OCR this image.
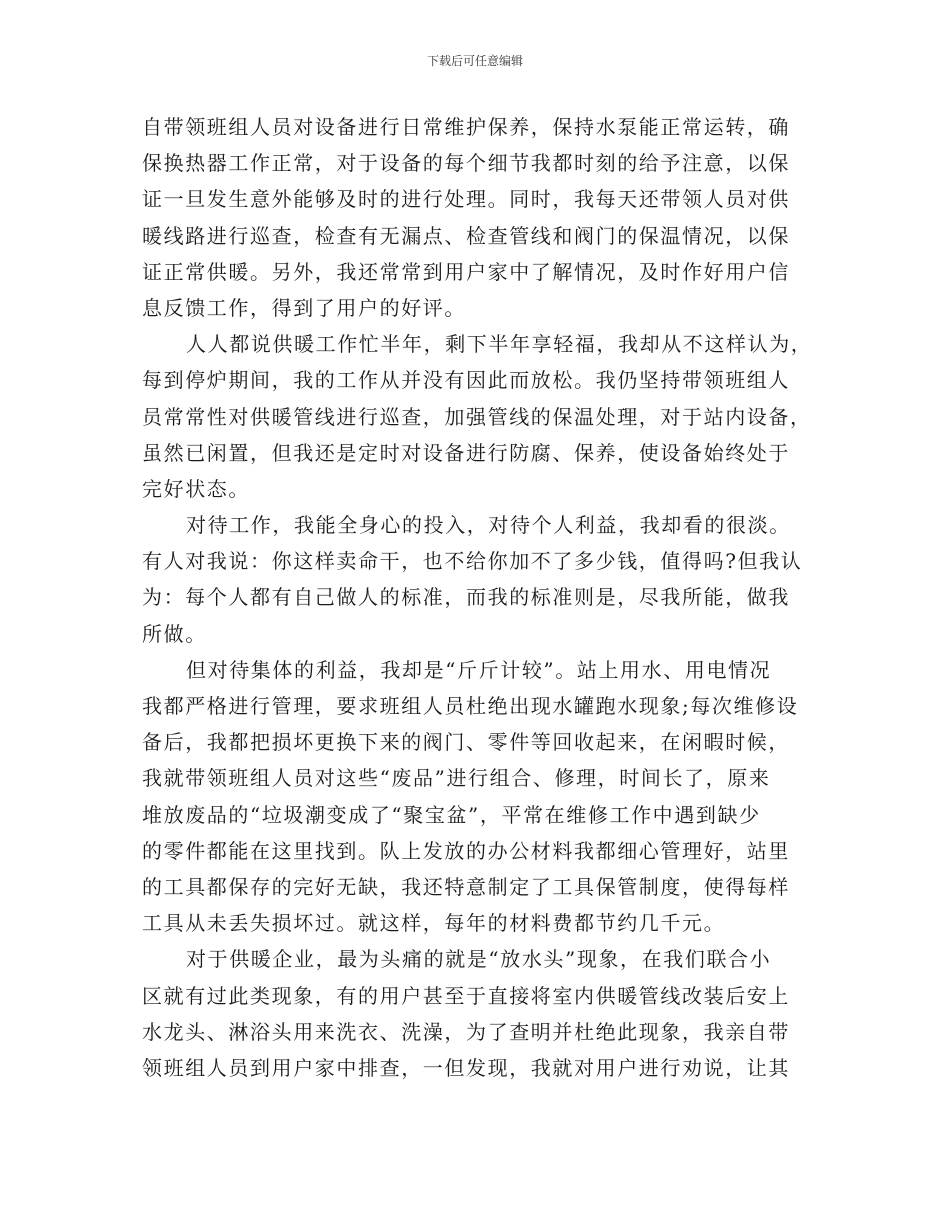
下载后可任意编辑
自带领班组人员对设备进行日常维护保养，保持水泵能正常运转，确
保换热器工作正常，对于设备的每个细节我都时刻的给予注意，以保
证一旦发生意外能够及时的进行处理。同时，我每天还带领人员对供
暖线路进行巡查，检查有无漏点、检查管线和阀门的保温情况，以保
证正常供暖。另外，我还常常到用户家中了解情况，及时作好用户信
息反馈工作，得到了用户的好评。
人人都说供暖工作忙半年，剩下半年享轻福，我却从不这样认为，
每到停炉期间，我的工作从并没有因此而放松。我仍坚持带领班组人
员常常性对供暖管线进行巡查，加强管线的保温处理，对于站内设备，
虽然已闲置，但我还是定时对设备进行防腐、保养，使设备始终处于
完好状态。
对待工作，我能全身心的投入，对待个人利益，我却看的很淡。
有人对我说：你这样卖命干，也不给你加不了多少钱，值得吗?但我认
为：每个人都有自己做人的标准，而我的标准则是，尽我所能，做我
所做。
但对待集体的利益，我却是“斤斤计较”。站上用水、用电情况
我都严格进行管理，要求班组人员杜绝出现水罐跑水现象;每次维修设
备后，我都把损坏更换下来的阀门、零件等回收起来，在闲暇时候，
我就带领班组人员对这些“废品”进行组合、修理，时间长了，原来
堆放废品的“垃圾潮变成了“聚宝盆”，平常在维修工作中遇到缺少
的零件都能在这里找到。队上发放的办公材料我都细心管理好，站里
的工具都保存的完好无缺，我还特意制定了工具保管制度，使得每样
工具从未丢失损坏过。就这样，每年的材料费都节约几千元。
对于供暖企业，最为头痛的就是“放水头”现象，在我们联合小
区就有过此类现象，有的用户甚至于直接将室内供暖管线改装后安上
水龙头、淋浴头用来洗衣、洗澡，为了查明并杜绝此现象，我亲自带
领班组人员到用户家中排查，一但发现，我就对用户进行劝说，让其
